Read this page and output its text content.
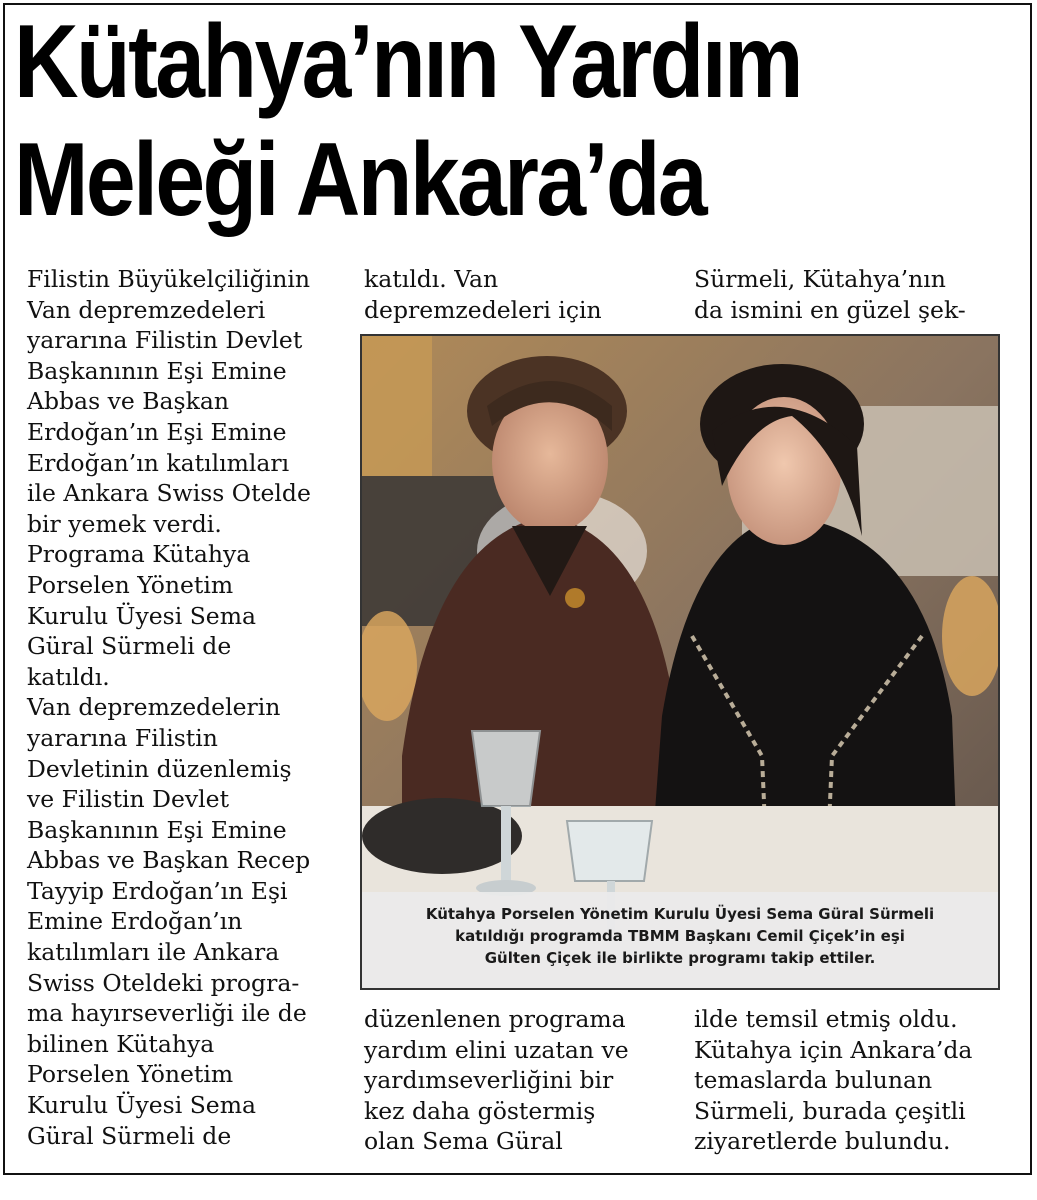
Kütahya’nın Yardım
Meleği Ankara’da
Filistin Büyükelçiliğinin
Van depremzedeleri
yararına Filistin Devlet
Başkanının Eşi Emine
Abbas ve Başkan
Erdoğan’ın Eşi Emine
Erdoğan’ın katılımları
ile Ankara Swiss Otelde
bir yemek verdi.
Programa Kütahya
Porselen Yönetim
Kurulu Üyesi Sema
Güral Sürmeli de
katıldı.
Van depremzedelerin
yararına Filistin
Devletinin düzenlemiş
ve Filistin Devlet
Başkanının Eşi Emine
Abbas ve Başkan Recep
Tayyip Erdoğan’ın Eşi
Emine Erdoğan’ın
katılımları ile Ankara
Swiss Oteldeki progra-
ma hayırseverliği ile de
bilinen Kütahya
Porselen Yönetim
Kurulu Üyesi Sema
Güral Sürmeli de
katıldı. Van
depremzedeleri için
Sürmeli, Kütahya’nın
da ismini en güzel şek-
Kütahya Porselen Yönetim Kurulu Üyesi Sema Güral Sürmeli
katıldığı programda TBMM Başkanı Cemil Çiçek’in eşi
Gülten Çiçek ile birlikte programı takip ettiler.
düzenlenen programa
yardım elini uzatan ve
yardımseverliğini bir
kez daha göstermiş
olan Sema Güral
ilde temsil etmiş oldu.
Kütahya için Ankara’da
temaslarda bulunan
Sürmeli, burada çeşitli
ziyaretlerde bulundu.
